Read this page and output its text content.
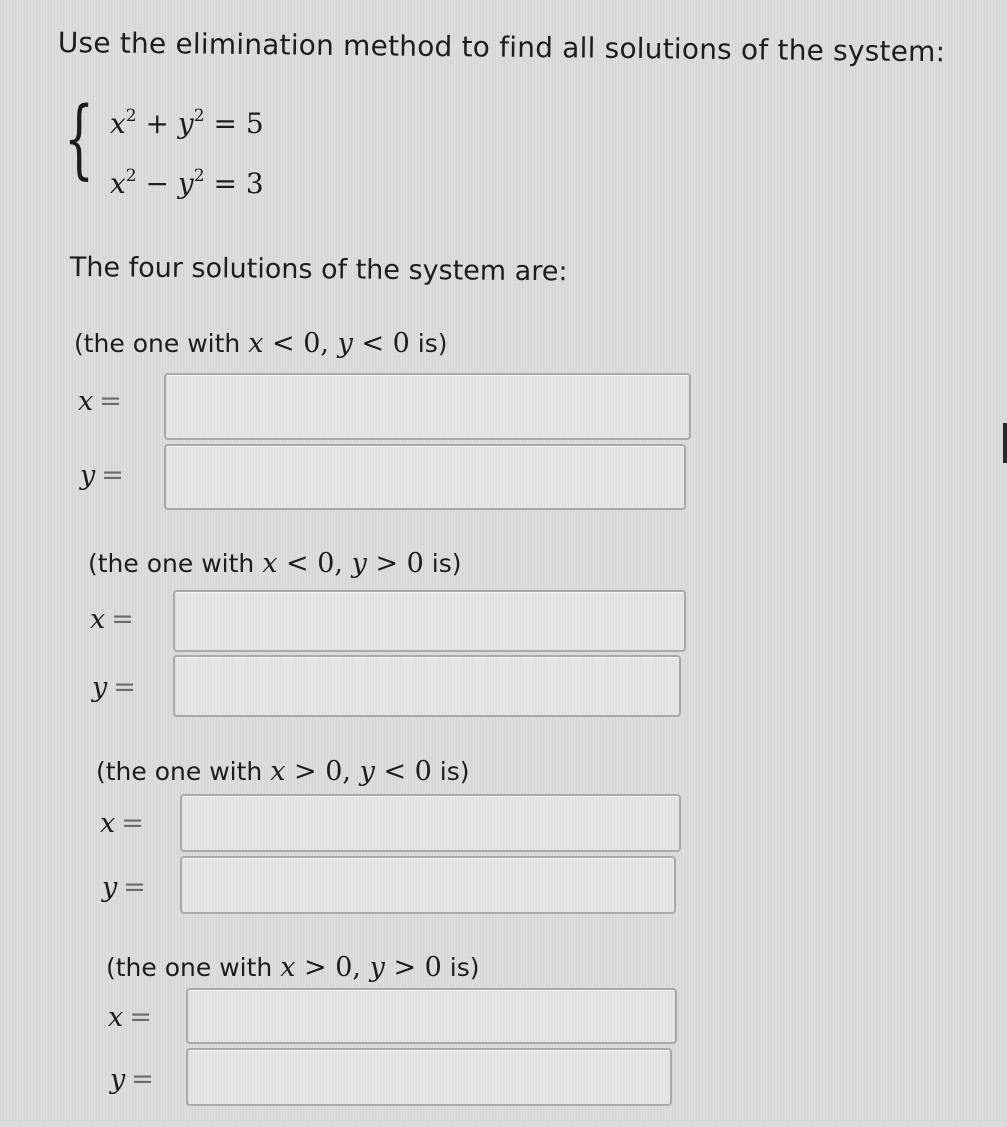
Use the elimination method to find all solutions of the system:
{ $x^2 + y^2 = 5$
$x^2 - y^2 = 3$
The four solutions of the system are:
(the one with x < 0, y < 0 is)
x =
y =
(the one with x < 0, y > 0 is)
x =
y =
(the one with x > 0, y < 0 is)
x =
y =
(the one with x > 0, y > 0 is)
x =
y =
